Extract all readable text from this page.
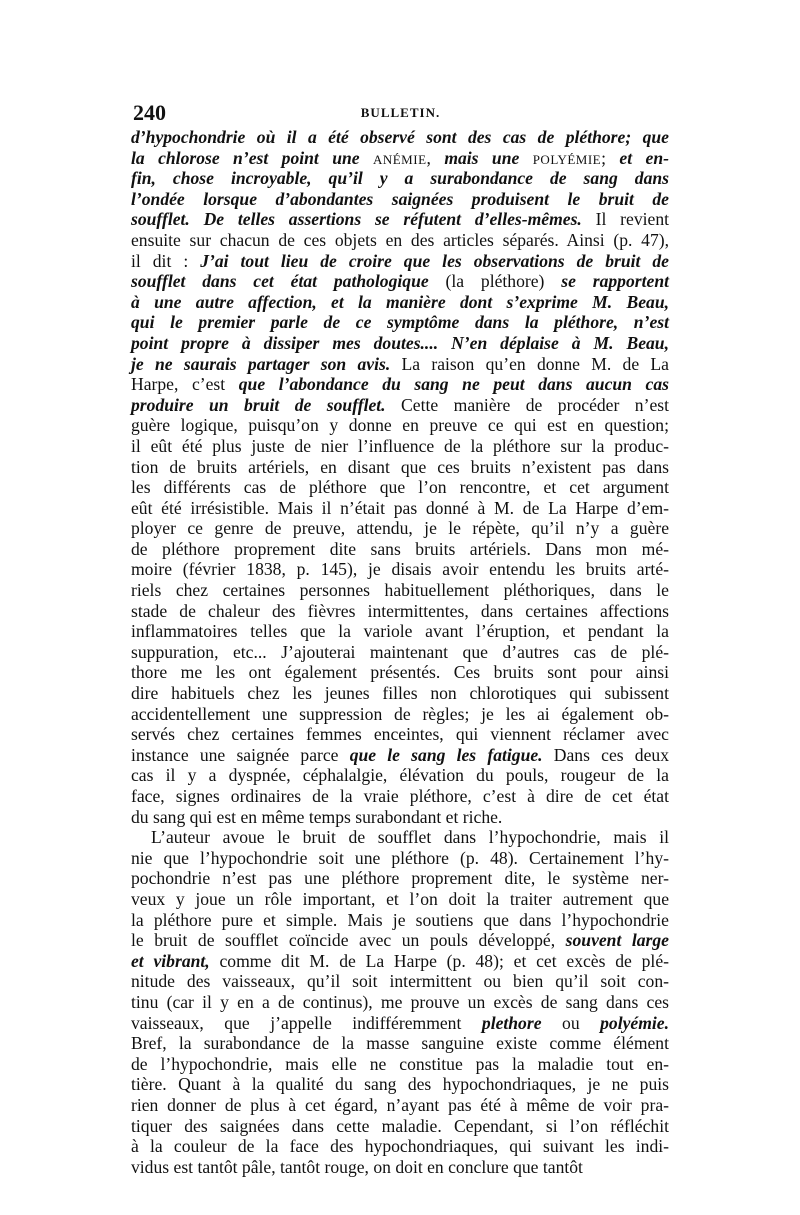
240	BULLETIN.
d’hypochondrie où il a été observé sont des cas de pléthore; que
la chlorose n’est point une ANÉMIE, mais une POLYÉMIE; et en-
fin, chose incroyable, qu’il y a surabondance de sang dans
l’ondée lorsque d’abondantes saignées produisent le bruit de
soufflet. De telles assertions se réfutent d’elles-mêmes. Il revient
ensuite sur chacun de ces objets en des articles séparés. Ainsi (p. 47),
il dit : J’ai tout lieu de croire que les observations de bruit de
soufflet dans cet état pathologique (la pléthore) se rapportent
à une autre affection, et la manière dont s’exprime M. Beau,
qui le premier parle de ce symptôme dans la pléthore, n’est
point propre à dissiper mes doutes.... N’en déplaise à M. Beau,
je ne saurais partager son avis. La raison qu’en donne M. de La
Harpe, c’est que l’abondance du sang ne peut dans aucun cas
produire un bruit de soufflet. Cette manière de procéder n’est
guère logique, puisqu’on y donne en preuve ce qui est en question;
il eût été plus juste de nier l’influence de la pléthore sur la produc-
tion de bruits artériels, en disant que ces bruits n’existent pas dans
les différents cas de pléthore que l’on rencontre, et cet argument
eût été irrésistible. Mais il n’était pas donné à M. de La Harpe d’em-
ployer ce genre de preuve, attendu, je le répète, qu’il n’y a guère
de pléthore proprement dite sans bruits artériels. Dans mon mé-
moire (février 1838, p. 145), je disais avoir entendu les bruits arté-
riels chez certaines personnes habituellement pléthoriques, dans le
stade de chaleur des fièvres intermittentes, dans certaines affections
inflammatoires telles que la variole avant l’éruption, et pendant la
suppuration, etc... J’ajouterai maintenant que d’autres cas de plé-
thore me les ont également présentés. Ces bruits sont pour ainsi
dire habituels chez les jeunes filles non chlorotiques qui subissent
accidentellement une suppression de règles; je les ai également ob-
servés chez certaines femmes enceintes, qui viennent réclamer avec
instance une saignée parce que le sang les fatigue. Dans ces deux
cas il y a dyspnée, céphalalgie, élévation du pouls, rougeur de la
face, signes ordinaires de la vraie pléthore, c’est à dire de cet état
du sang qui est en même temps surabondant et riche.
L’auteur avoue le bruit de soufflet dans l’hypochondrie, mais il
nie que l’hypochondrie soit une pléthore (p. 48). Certainement l’hy-
pochondrie n’est pas une pléthore proprement dite, le système ner-
veux y joue un rôle important, et l’on doit la traiter autrement que
la pléthore pure et simple. Mais je soutiens que dans l’hypochondrie
le bruit de soufflet coïncide avec un pouls développé, souvent large
et vibrant, comme dit M. de La Harpe (p. 48); et cet excès de plé-
nitude des vaisseaux, qu’il soit intermittent ou bien qu’il soit con-
tinu (car il y en a de continus), me prouve un excès de sang dans ces
vaisseaux, que j’appelle indifféremment plethore ou polyémie.
Bref, la surabondance de la masse sanguine existe comme élément
de l’hypochondrie, mais elle ne constitue pas la maladie tout en-
tière. Quant à la qualité du sang des hypochondriaques, je ne puis
rien donner de plus à cet égard, n’ayant pas été à même de voir pra-
tiquer des saignées dans cette maladie. Cependant, si l’on réfléchit
à la couleur de la face des hypochondriaques, qui suivant les indi-
vidus est tantôt pâle, tantôt rouge, on doit en conclure que tantôt
